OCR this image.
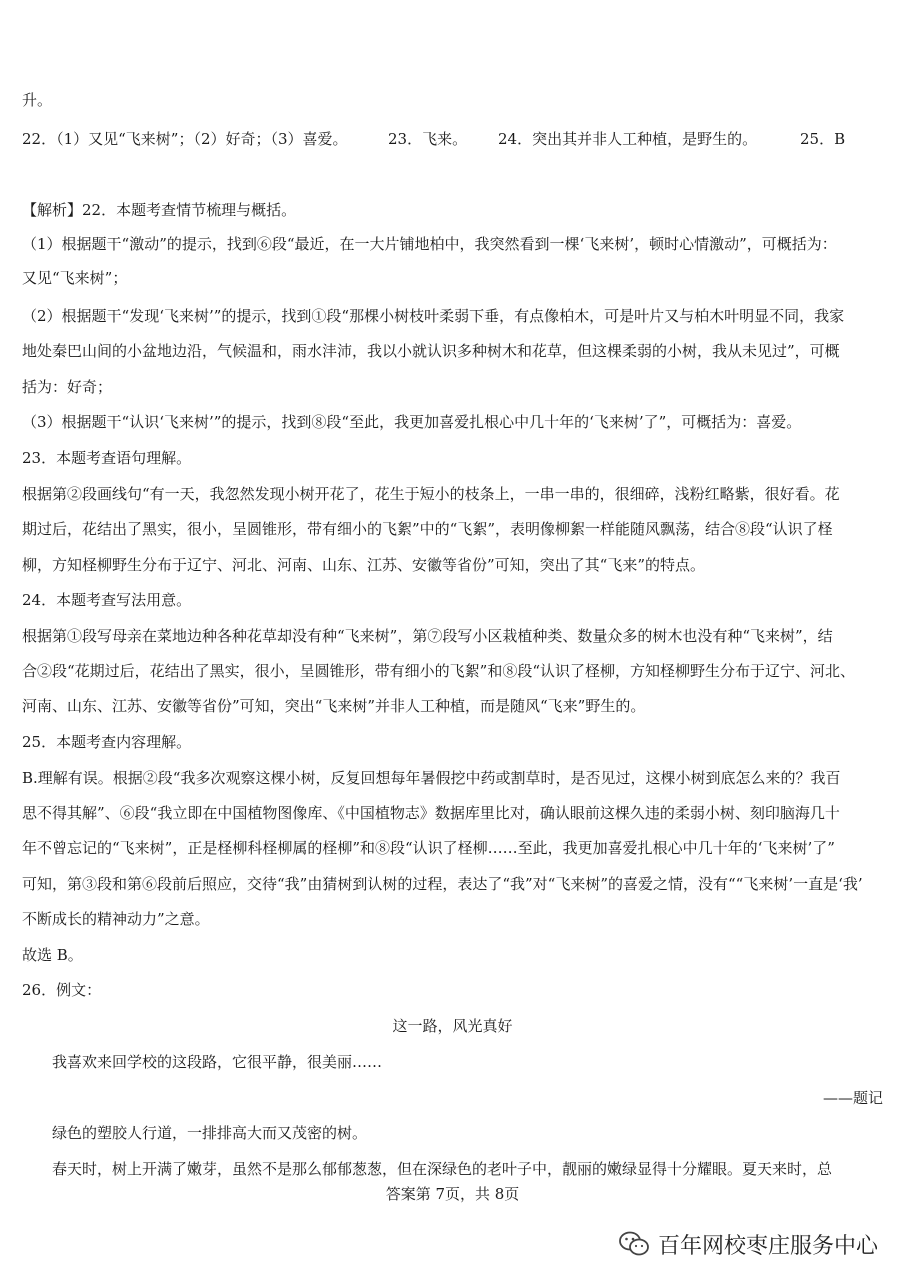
升。
22．（1）又见“飞来树”；（2）好奇；（3）喜爱。	23．飞来。 24．突出其并非人工种植，是野生的。	25．B
【解析】22．本题考查情节梳理与概括。
（1）根据题干“激动”的提示，找到⑥段“最近，在一大片铺地柏中，我突然看到一棵‘飞来树’，顿时心情激动”，可概括为：
又见“飞来树”；
（2）根据题干“发现‘飞来树’”的提示，找到①段“那棵小树枝叶柔弱下垂，有点像柏木，可是叶片又与柏木叶明显不同，我家
地处秦巴山间的小盆地边沿，气候温和，雨水沣沛，我以小就认识多种树木和花草，但这棵柔弱的小树，我从未见过”，可概
括为：好奇；
（3）根据题干“认识‘飞来树’”的提示，找到⑧段“至此，我更加喜爱扎根心中几十年的‘飞来树’了”，可概括为：喜爱。
23．本题考查语句理解。
根据第②段画线句“有一天，我忽然发现小树开花了，花生于短小的枝条上，一串一串的，很细碎，浅粉红略紫，很好看。花
期过后，花结出了黑实，很小，呈圆锥形，带有细小的飞絮”中的“飞絮”，表明像柳絮一样能随风飘荡，结合⑧段“认识了柽
柳，方知柽柳野生分布于辽宁、河北、河南、山东、江苏、安徽等省份”可知，突出了其“飞来”的特点。
24．本题考查写法用意。
根据第①段写母亲在菜地边种各种花草却没有种“飞来树”，第⑦段写小区栽植种类、数量众多的树木也没有种“飞来树”，结
合②段“花期过后，花结出了黑实，很小，呈圆锥形，带有细小的飞絮”和⑧段“认识了柽柳，方知柽柳野生分布于辽宁、河北、
河南、山东、江苏、安徽等省份”可知，突出“飞来树”并非人工种植，而是随风“飞来”野生的。
25．本题考查内容理解。
B.理解有误。根据②段“我多次观察这棵小树，反复回想每年暑假挖中药或割草时，是否见过，这棵小树到底怎么来的？我百
思不得其解”、⑥段“我立即在中国植物图像库、《中国植物志》数据库里比对，确认眼前这棵久违的柔弱小树、刻印脑海几十
年不曾忘记的“飞来树”，正是柽柳科柽柳属的柽柳”和⑧段“认识了柽柳……至此，我更加喜爱扎根心中几十年的‘飞来树’了”
可知，第③段和第⑥段前后照应，交待“我”由猜树到认树的过程，表达了“我”对“飞来树”的喜爱之情，没有““飞来树’一直是‘我’
不断成长的精神动力”之意。
故选 B。
26．例文：
这一路，风光真好
我喜欢来回学校的这段路，它很平静，很美丽……
——题记
绿色的塑胶人行道，一排排高大而又茂密的树。
春天时，树上开满了嫩芽，虽然不是那么郁郁葱葱，但在深绿色的老叶子中，靓丽的嫩绿显得十分耀眼。夏天来时，总
答案第 7页，共 8页
百年网校枣庄服务中心
